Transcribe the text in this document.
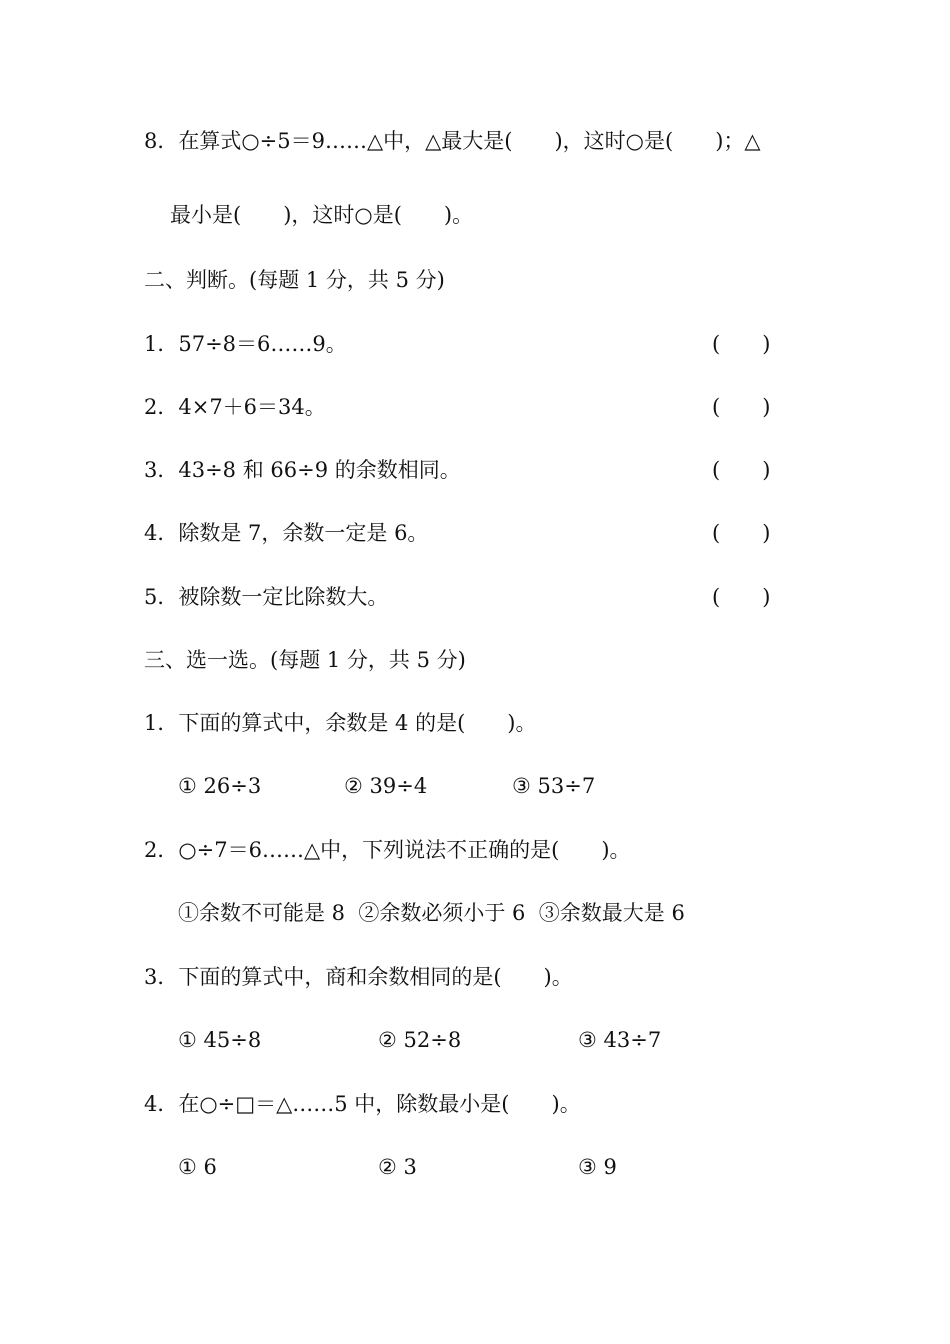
8．在算式○÷5＝9……△中，△最大是(　　)，这时○是(　　)；△
最小是(　　)，这时○是(　　)。
二、判断。(每题 1 分，共 5 分)
1．57÷8＝6……9。	(　　)
2．4×7＋6＝34。	(　　)
3．43÷8 和 66÷9 的余数相同。	(　　)
4．除数是 7，余数一定是 6。	(　　)
5．被除数一定比除数大。	(　　)
三、选一选。(每题 1 分，共 5 分)
1．下面的算式中，余数是 4 的是(　　)。
① 26÷3	② 39÷4	③ 53÷7
2．○÷7＝6……△中，下列说法不正确的是(　　)。
①余数不可能是 8  ②余数必须小于 6  ③余数最大是 6
3．下面的算式中，商和余数相同的是(　　)。
① 45÷8	② 52÷8	③ 43÷7
4．在○÷□＝△……5 中，除数最小是(　　)。
① 6	② 3	③ 9
